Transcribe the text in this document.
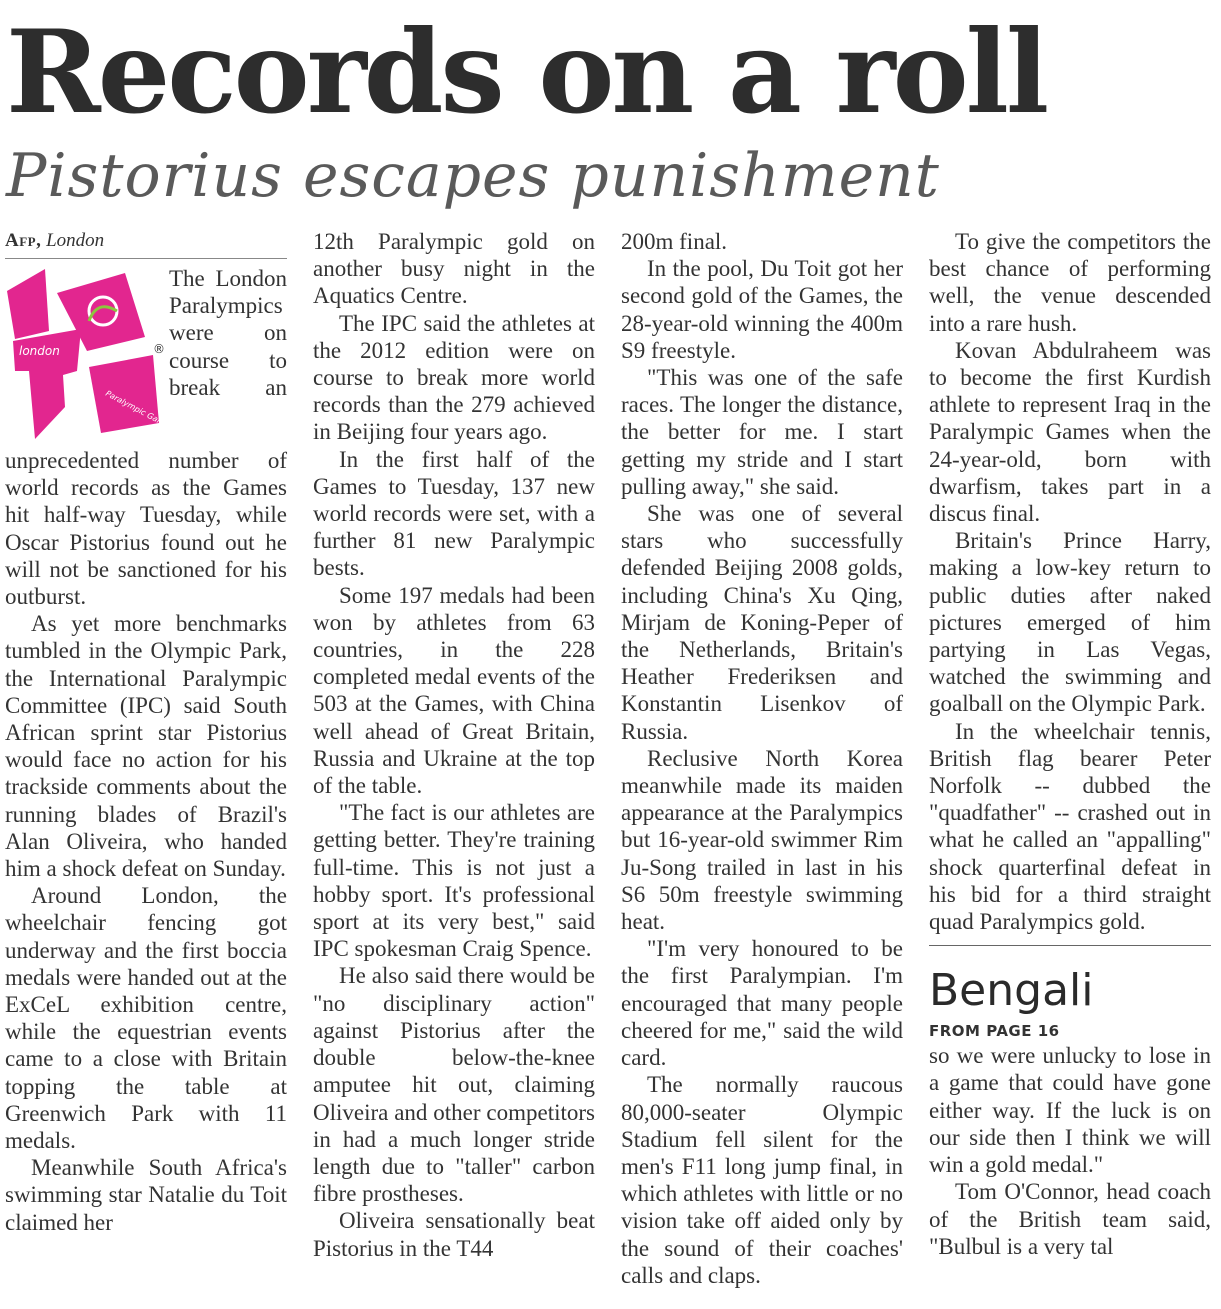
Records on a roll
Pistorius escapes punishment
Afp, London
london
Paralympic Games
®

The London Paralympics were on course to break an unprecedented number of world records as the Games hit half-way Tuesday, while Oscar Pistorius found out he will not be sanctioned for his outburst.

As yet more benchmarks tumbled in the Olympic Park, the International Paralympic Committee (IPC) said South African sprint star Pistorius would face no action for his trackside comments about the running blades of Brazil's Alan Oliveira, who handed him a shock defeat on Sunday.

Around London, the wheelchair fencing got underway and the first boccia medals were handed out at the ExCeL exhibition centre, while the equestrian events came to a close with Britain topping the table at Greenwich Park with 11 medals.

Meanwhile South Africa's swimming star Natalie du Toit claimed her

12th Paralympic gold on another busy night in the Aquatics Centre.

The IPC said the athletes at the 2012 edition were on course to break more world records than the 279 achieved in Beijing four years ago.

In the first half of the Games to Tuesday, 137 new world records were set, with a further 81 new Paralympic bests.

Some 197 medals had been won by athletes from 63 countries, in the 228 completed medal events of the 503 at the Games, with China well ahead of Great Britain, Russia and Ukraine at the top of the table.

"The fact is our athletes are getting better. They're training full-time. This is not just a hobby sport. It's professional sport at its very best," said IPC spokesman Craig Spence.

He also said there would be "no disciplinary action" against Pistorius after the double below-the-knee amputee hit out, claiming Oliveira and other competitors in had a much longer stride length due to "taller" carbon fibre prostheses.

Oliveira sensationally beat Pistorius in the T44

200m final.

In the pool, Du Toit got her second gold of the Games, the 28-year-old winning the 400m S9 freestyle.

"This was one of the safe races. The longer the distance, the better for me. I start getting my stride and I start pulling away," she said.

She was one of several stars who successfully defended Beijing 2008 golds, including China's Xu Qing, Mirjam de Koning-Peper of the Netherlands, Britain's Heather Frederiksen and Konstantin Lisenkov of Russia.

Reclusive North Korea meanwhile made its maiden appearance at the Paralympics but 16-year-old swimmer Rim Ju-Song trailed in last in his S6 50m freestyle swimming heat.

"I'm very honoured to be the first Paralympian. I'm encouraged that many people cheered for me," said the wild card.

The normally raucous 80,000-seater Olympic Stadium fell silent for the men's F11 long jump final, in which athletes with little or no vision take off aided only by the sound of their coaches' calls and claps.

To give the competitors the best chance of performing well, the venue descended into a rare hush.

Kovan Abdulraheem was to become the first Kurdish athlete to represent Iraq in the Paralympic Games when the 24-year-old, born with dwarfism, takes part in a discus final.

Britain's Prince Harry, making a low-key return to public duties after naked pictures emerged of him partying in Las Vegas, watched the swimming and goalball on the Olympic Park.

In the wheelchair tennis, British flag bearer Peter Norfolk -- dubbed the "quadfather" -- crashed out in what he called an "appalling" shock quarterfinal defeat in his bid for a third straight quad Paralympics gold.

Bengali
FROM PAGE 16

so we were unlucky to lose in a game that could have gone either way. If the luck is on our side then I think we will win a gold medal."

Tom O'Connor, head coach of the British team said, "Bulbul is a very tal
